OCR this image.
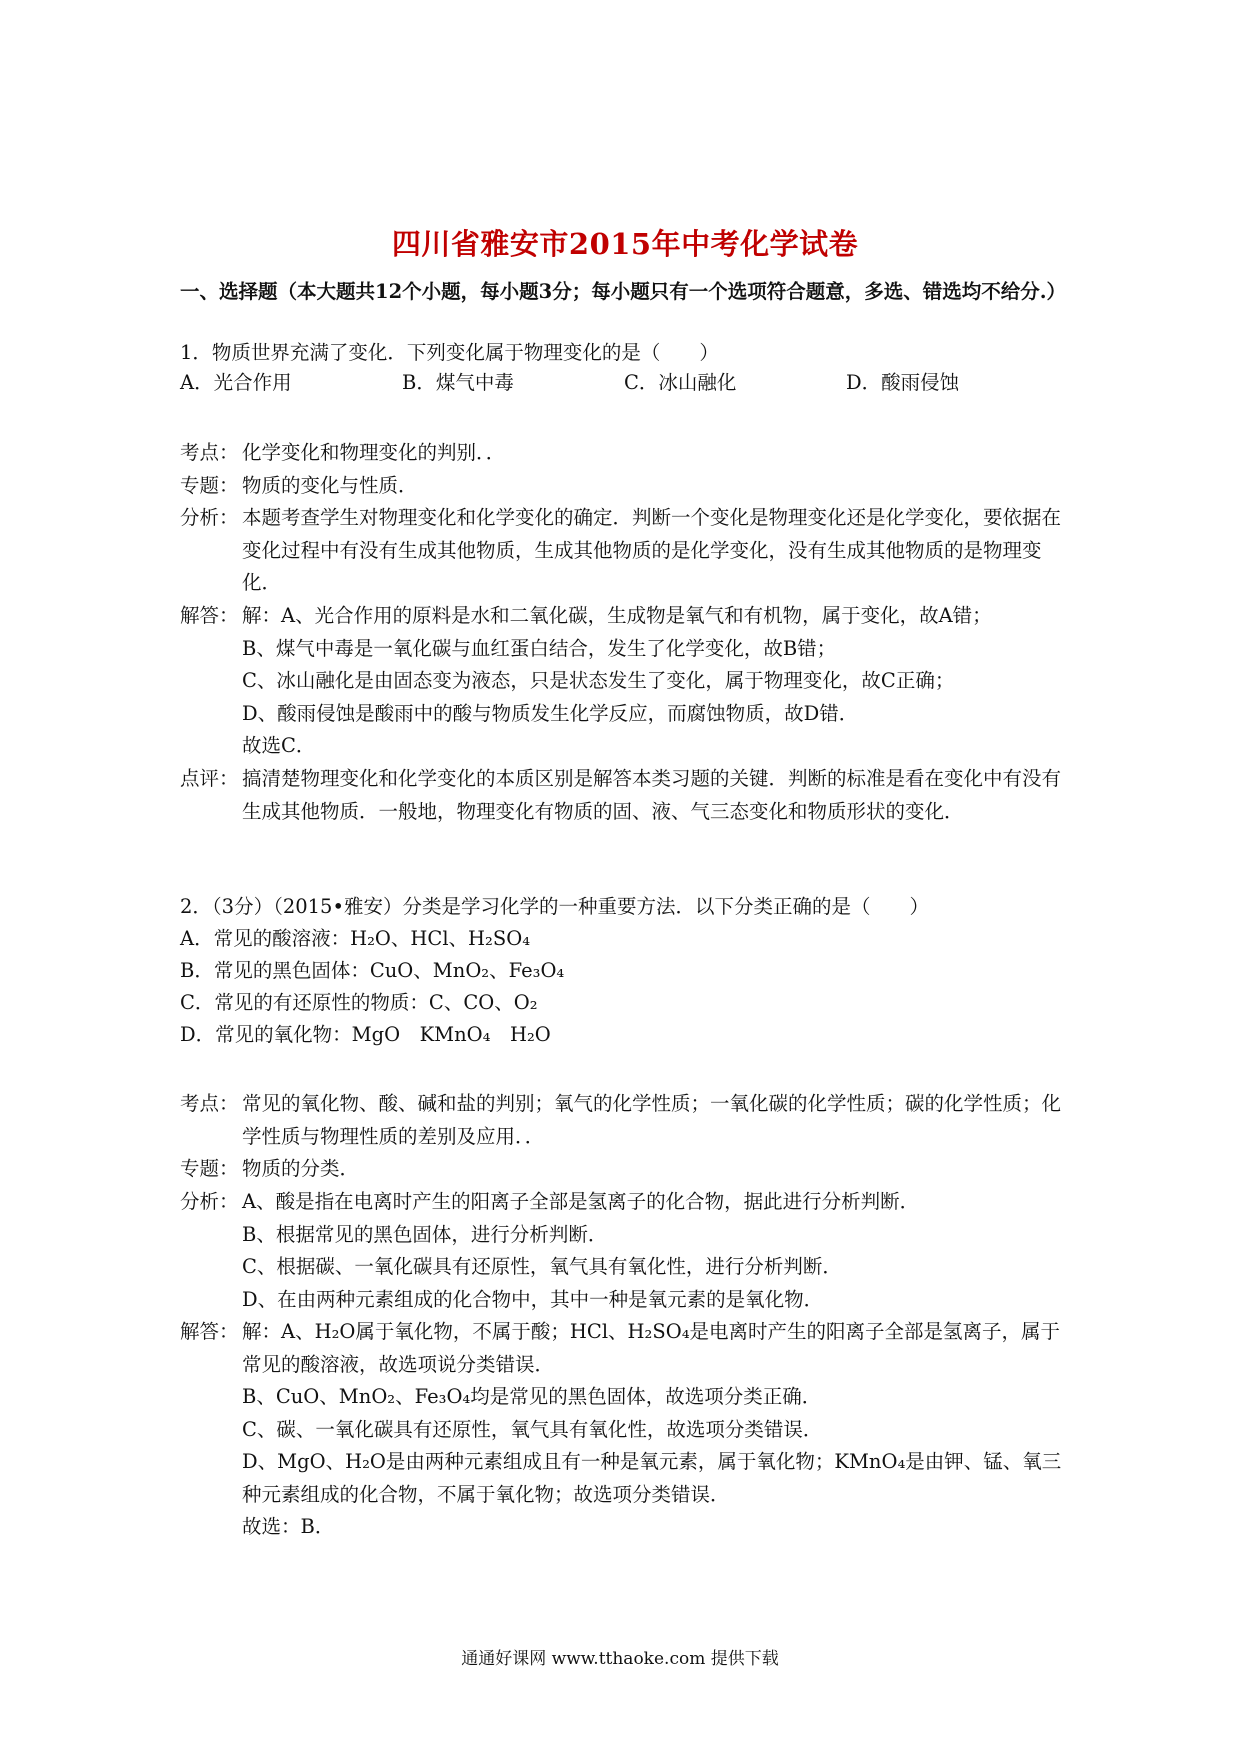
四川省雅安市2015年中考化学试卷
一、选择题（本大题共12个小题，每小题3分；每小题只有一个选项符合题意，多选、错选均不给分.）
1．物质世界充满了变化．下列变化属于物理变化的是（　　）
A．光合作用	B．煤气中毒	C．冰山融化	D．酸雨侵蚀
考点： 化学变化和物理变化的判别．．
专题： 物质的变化与性质．
分析： 本题考查学生对物理变化和化学变化的确定．判断一个变化是物理变化还是化学变化，要依据在变化过程中有没有生成其他物质，生成其他物质的是化学变化，没有生成其他物质的是物理变化．
解答： 解：A、光合作用的原料是水和二氧化碳，生成物是氧气和有机物，属于变化，故A错；

B、煤气中毒是一氧化碳与血红蛋白结合，发生了化学变化，故B错；

C、冰山融化是由固态变为液态，只是状态发生了变化，属于物理变化，故C正确；

D、酸雨侵蚀是酸雨中的酸与物质发生化学反应，而腐蚀物质，故D错．

故选C．

点评： 搞清楚物理变化和化学变化的本质区别是解答本类习题的关键．判断的标准是看在变化中有没有生成其他物质．一般地，物理变化有物质的固、液、气三态变化和物质形状的变化．
2．（3分）（2015•雅安）分类是学习化学的一种重要方法．以下分类正确的是（　　）
A．常见的酸溶液：H₂O、HCl、H₂SO₄
B．常见的黑色固体：CuO、MnO₂、Fe₃O₄
C．常见的有还原性的物质：C、CO、O₂
D．常见的氧化物：MgO　KMnO₄　H₂O
考点： 常见的氧化物、酸、碱和盐的判别；氧气的化学性质；一氧化碳的化学性质；碳的化学性质；化学性质与物理性质的差别及应用．．
专题： 物质的分类．
分析： A、酸是指在电离时产生的阳离子全部是氢离子的化合物，据此进行分析判断．

B、根据常见的黑色固体，进行分析判断．

C、根据碳、一氧化碳具有还原性，氧气具有氧化性，进行分析判断．

D、在由两种元素组成的化合物中，其中一种是氧元素的是氧化物．

解答： 解：A、H₂O属于氧化物，不属于酸；HCl、H₂SO₄是电离时产生的阳离子全部是氢离子，属于常见的酸溶液，故选项说分类错误．

B、CuO、MnO₂、Fe₃O₄均是常见的黑色固体，故选项分类正确．

C、碳、一氧化碳具有还原性，氧气具有氧化性，故选项分类错误．

D、MgO、H₂O是由两种元素组成且有一种是氧元素，属于氧化物；KMnO₄是由钾、锰、氧三种元素组成的化合物，不属于氧化物；故选项分类错误．

故选：B．

通通好课网 www.tthaoke.com 提供下载
